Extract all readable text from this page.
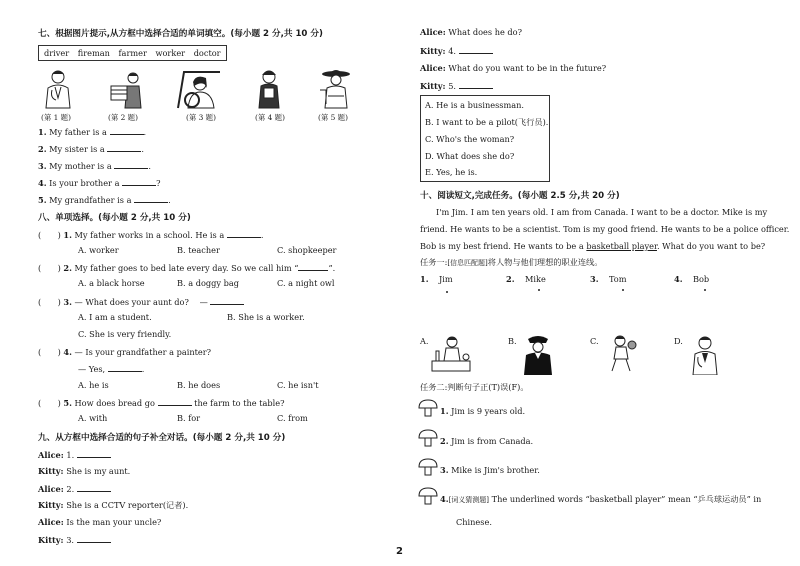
七、根据图片提示,从方框中选择合适的单词填空。(每小题 2 分,共 10 分)
driver fireman farmer worker doctor
(第 1 题)	(第 2 题)	(第 3 题)	(第 4 题)	(第 5 题)
1. My father is a	.
2. My sister is a	.
3. My mother is a	.
4. Is your brother a	?
5. My grandfather is a	.
八、单项选择。(每小题 2 分,共 10 分)
(　　) 1. My father works in a school. He is a	.
A. worker	B. teacher	C. shopkeeper
(　　) 2. My father goes to bed late every day. So we call him “	”.
A. a black horse	B. a doggy bag	C. a night owl
(　　) 3. — What does your aunt do?　 —
A. I am a student.	B. She is a worker.
C. She is very friendly.
(　　) 4. — Is your grandfather a painter?
— Yes,	.
A. he is	B. he does	C. he isn't
(　　) 5. How does bread go	the farm to the table?
A. with	B. for	C. from
九、从方框中选择合适的句子补全对话。(每小题 2 分,共 10 分)
Alice: 1.
Kitty: She is my aunt.
Alice: 2.
Kitty: She is a CCTV reporter(记者).
Alice: Is the man your uncle?
Kitty: 3.
Alice: What does he do?
Kitty: 4.
Alice: What do you want to be in the future?
Kitty: 5.
A. He is a businessman.
B. I want to be a pilot(飞行员).
C. Who's the woman?
D. What does she do?
E. Yes, he is.
十、阅读短文,完成任务。(每小题 2.5 分,共 20 分)
I'm Jim. I am ten years old. I am from Canada. I want to be a doctor. Mike is my
friend. He wants to be a scientist. Tom is my good friend. He wants to be a police officer.
Bob is my best friend. He wants to be a basketball player. What do you want to be?
任务一:[信息匹配题]将人物与他们理想的职业连线。
1. Jim	2. Mike	3. Tom	4. Bob
A.	B.	C.	D.
任务二:判断句子正(T)误(F)。
1. Jim is 9 years old.
2. Jim is from Canada.
3. Mike is Jim's brother.
4.[词义猜测题] The underlined words “basketball player” mean “乒乓球运动员” in
Chinese.
2
